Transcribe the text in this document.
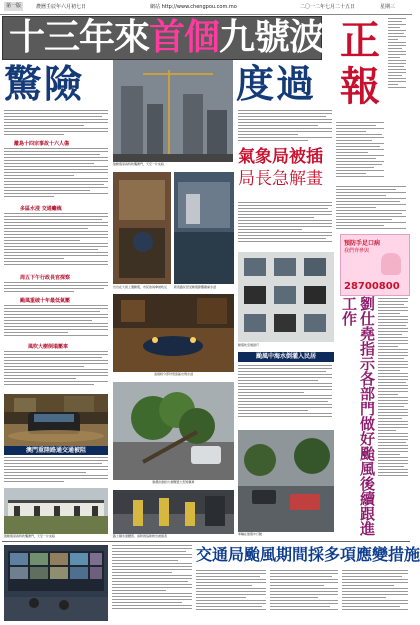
第一版	農曆壬辰年六月初七日	網站 http://www.chengpou.com.mo	二〇一二年七月二十五日	星期三
十三年來首個九號波 正
報
驚險	度過
離島十四宗事故十六人傷
多區水浸 交通癱瘓
周五下午行政長官探察
颱風重破十年最低氣壓
風吹大樹倒塌壓車
澳門重陸路通交通被阻
強颱風韋森特吹襲澳門，天空一片灰暗
強颱風韋森特吹襲澳門，天空一片灰暗
出自在大街上遇颱風，市民的雨傘被吹反	新馬路民居受颱風影響嚴重水浸
凌晨時分部份低窪區出現水浸
颱風吹倒的大樹壓毀大型遊樂車
路上積水達腰部，消防員協助救出被困者
氣象局被插
局長急解畫
颱風吹至塌窗戶
颱風中海水倒灌入民居
車輛在強風中行駛
預防手足口病
我們齊參與
28700800
劉仕堯指示各部門做好颱風後續跟進工作
交通局颱風期間採多項應變措施
